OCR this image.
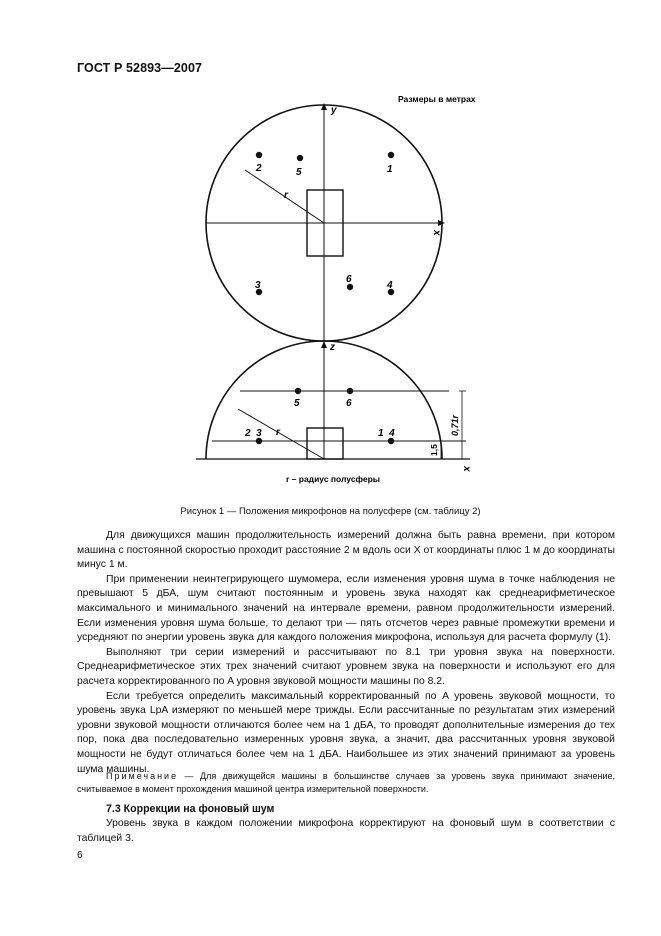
ГОСТ Р 52893—2007
Размеры в метрах
y
x
r
2	5	1
3
6
4
z
r
5	6
2  3	1  4	0,71r
1,5
x
r – радиус полусферы
Рисунок 1 — Положения микрофонов на полусфере (см. таблицу 2)

Для движущихся машин продолжительность измерений должна быть равна времени, при котором машина с постоянной скоростью проходит расстояние 2 м вдоль оси X от координаты плюс 1 м до координаты минус 1 м.

При применении неинтегрирующего шумомера, если изменения уровня шума в точке наблюдения не превышают 5 дБА, шум считают постоянным и уровень звука находят как среднеарифметическое максимального и минимального значений на интервале времени, равном продолжительности измерений. Если изменения уровня шума больше, то делают три — пять отсчетов через равные промежутки времени и усредняют по энергии уровень звука для каждого положения микрофона, используя для расчета формулу (1).

Выполняют три серии измерений и рассчитывают по 8.1 три уровня звука на поверхности. Среднеарифметическое этих трех значений считают уровнем звука на поверхности и используют его для расчета корректированного по A уровня звуковой мощности машины по 8.2.

Если требуется определить максимальный корректированный по A уровень звуковой мощности, то уровень звука LpA измеряют по меньшей мере трижды. Если рассчитанные по результатам этих измерений уровни звуковой мощности отличаются более чем на 1 дБА, то проводят дополнительные измерения до тех пор, пока два последовательно измеренных уровня звука, а значит, два рассчитанных уровня звуковой мощности не будут отличаться более чем на 1 дБА. Наибольшее из этих значений принимают за уровень шума машины.

Примечание — Для движущейся машины в большинстве случаев за уровень звука принимают значение, считываемое в момент прохождения машиной центра измерительной поверхности.
7.3 Коррекции на фоновый шум
Уровень звука в каждом положении микрофона корректируют на фоновый шум в соответствии с таблицей 3.
6
